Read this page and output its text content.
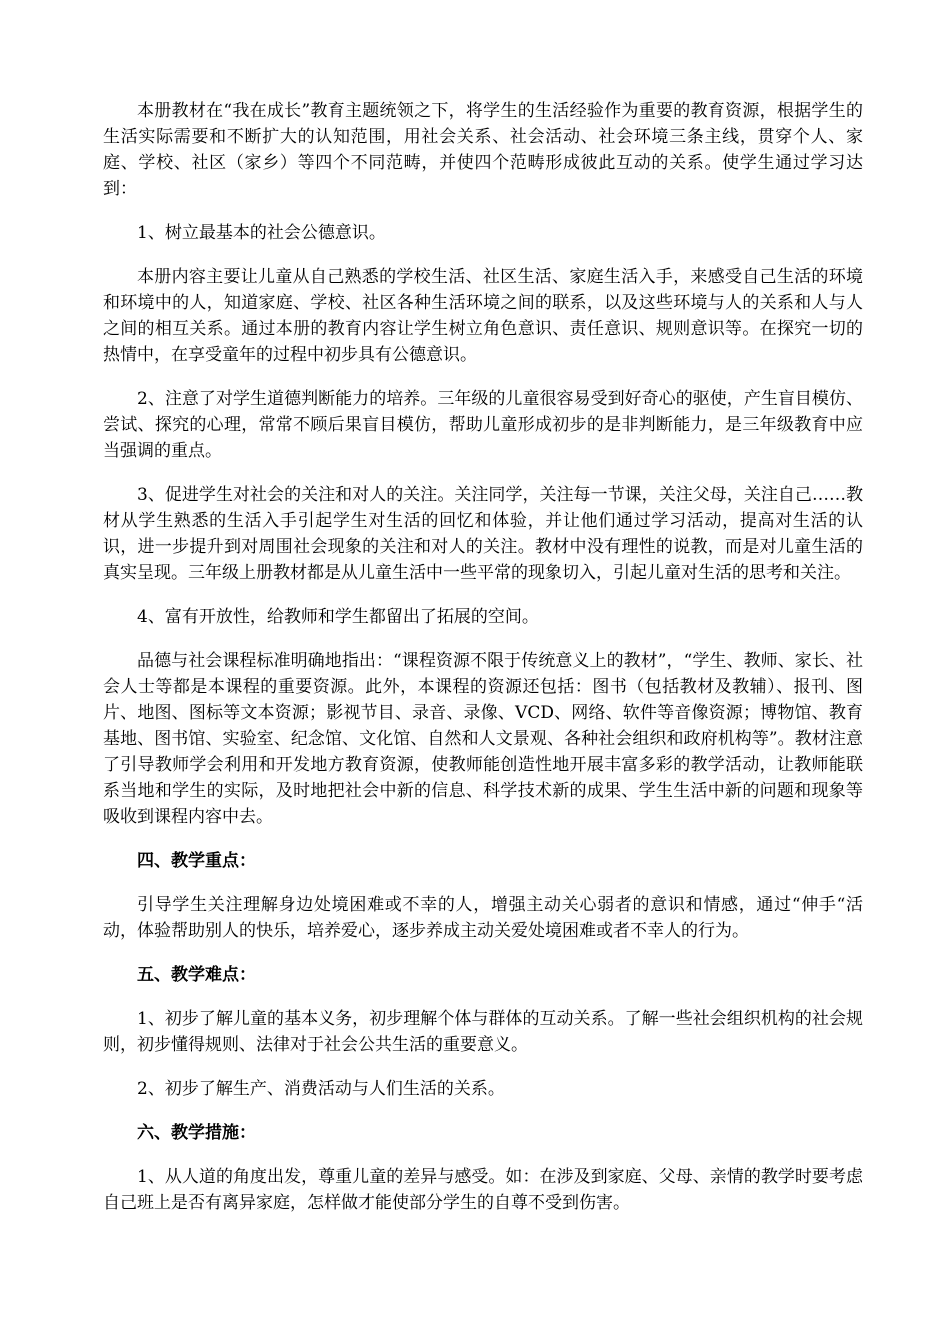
本册教材在“我在成长”教育主题统领之下，将学生的生活经验作为重要的教育资源，根据学生的生活实际需要和不断扩大的认知范围，用社会关系、社会活动、社会环境三条主线，贯穿个人、家庭、学校、社区（家乡）等四个不同范畴，并使四个范畴形成彼此互动的关系。使学生通过学习达到：

1、树立最基本的社会公德意识。

本册内容主要让儿童从自己熟悉的学校生活、社区生活、家庭生活入手，来感受自己生活的环境和环境中的人，知道家庭、学校、社区各种生活环境之间的联系，以及这些环境与人的关系和人与人之间的相互关系。通过本册的教育内容让学生树立角色意识、责任意识、规则意识等。在探究一切的热情中，在享受童年的过程中初步具有公德意识。

2、注意了对学生道德判断能力的培养。三年级的儿童很容易受到好奇心的驱使，产生盲目模仿、尝试、探究的心理，常常不顾后果盲目模仿，帮助儿童形成初步的是非判断能力，是三年级教育中应当强调的重点。

3、促进学生对社会的关注和对人的关注。关注同学，关注每一节课，关注父母，关注自己……教材从学生熟悉的生活入手引起学生对生活的回忆和体验，并让他们通过学习活动，提高对生活的认识，进一步提升到对周围社会现象的关注和对人的关注。教材中没有理性的说教，而是对儿童生活的真实呈现。三年级上册教材都是从儿童生活中一些平常的现象切入，引起儿童对生活的思考和关注。

4、富有开放性，给教师和学生都留出了拓展的空间。

品德与社会课程标准明确地指出：“课程资源不限于传统意义上的教材”，“学生、教师、家长、社会人士等都是本课程的重要资源。此外，本课程的资源还包括：图书（包括教材及教辅）、报刊、图片、地图、图标等文本资源；影视节目、录音、录像、VCD、网络、软件等音像资源；博物馆、教育基地、图书馆、实验室、纪念馆、文化馆、自然和人文景观、各种社会组织和政府机构等”。教材注意了引导教师学会利用和开发地方教育资源，使教师能创造性地开展丰富多彩的教学活动，让教师能联系当地和学生的实际，及时地把社会中新的信息、科学技术新的成果、学生生活中新的问题和现象等吸收到课程内容中去。

四、教学重点：

引导学生关注理解身边处境困难或不幸的人，增强主动关心弱者的意识和情感，通过“伸手“活动，体验帮助别人的快乐，培养爱心，逐步养成主动关爱处境困难或者不幸人的行为。

五、教学难点：

1、初步了解儿童的基本义务，初步理解个体与群体的互动关系。了解一些社会组织机构的社会规则，初步懂得规则、法律对于社会公共生活的重要意义。

2、初步了解生产、消费活动与人们生活的关系。

六、教学措施：

1、从人道的角度出发，尊重儿童的差异与感受。如：在涉及到家庭、父母、亲情的教学时要考虑自己班上是否有离异家庭，怎样做才能使部分学生的自尊不受到伤害。
